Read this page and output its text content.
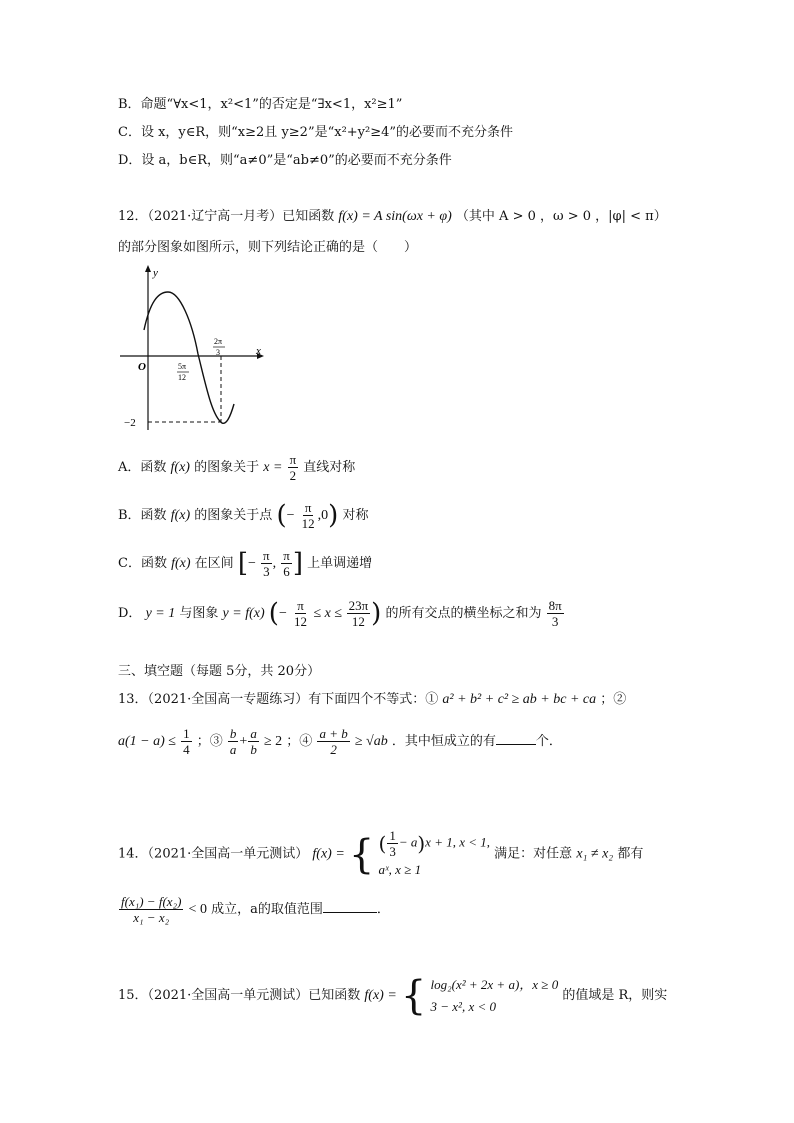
B．命题“∀x<1，x²<1”的否定是“∃x<1，x²≥1”
C．设 x，y∈R，则“x≥2且 y≥2”是“x²+y²≥4”的必要而不充分条件
D．设 a，b∈R，则“a≠0”是“ab≠0”的必要而不充分条件
12．（2021·辽宁高一月考）已知函数 f(x) = A sin(ωx + φ) （其中 A > 0 ，ω > 0 ，|φ| < π）
的部分图象如图所示，则下列结论正确的是（　　）
y
x
O	5π
12
2π
3
−2
A．函数 f(x) 的图象关于 $x = \frac{\pi}{2}$ 直线对称
B．函数 f(x) 的图象关于点 (− $\frac{\pi}{12} ,0$) 对称
C．函数 f(x) 在区间 [− $\frac{\pi}{3}$ , $\frac{\pi}{6}$ ] 上单调递增
D． y = 1 与图象 y = f(x) (− $\frac{\pi}{12} \le x \le \frac{23\pi}{12}$ ) 的所有交点的横坐标之和为 $\frac{8\pi}{3}$
三、填空题（每题 5分，共 20分）
13．（2021·全国高一专题练习）有下面四个不等式：① a² + b² + c² ≥ ab + bc + ca ；②
$a(1 - a) \le \frac{1}{4}$ ；③ $\frac{b}{a} + \frac{a}{b} \ge 2$ ；④ $\frac{a + b}{2} \ge √ab$ ．其中恒成立的有	个．
14．（2021·全国高一单元测试） f(x) = { ( $\frac{1}{3} - a)x + 1$, x < 1,
aˣ, x ≥ 1
满足：对任意 x₁ ≠ x₂ 都有
$\frac{\text{f(x₁) − f(x₂)}}{\text{x₁ − x₂}} < 0$ 成立，a的取值范围	．
15．（2021·全国高一单元测试）已知函数 f(x) = { log₂(x² + 2x + a)，x ≥ 0
3 − x², x < 0
的值域是 R，则实
